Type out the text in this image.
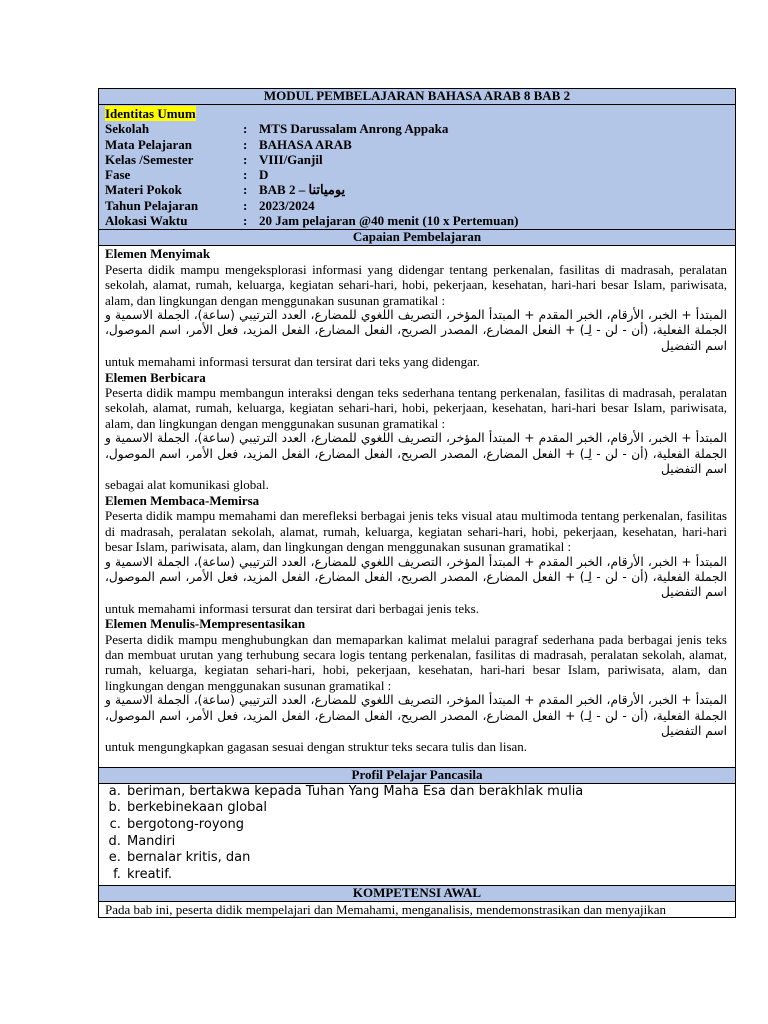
MODUL PEMBELAJARAN BAHASA ARAB 8 BAB 2
Identitas Umum
Sekolah	: MTS Darussalam Anrong Appaka
Mata Pelajaran	: BAHASA ARAB
Kelas /Semester	: VIII/Ganjil
Fase	: D
Materi Pokok	: BAB 2 – يومياتنا
Tahun Pelajaran	: 2023/2024
Alokasi Waktu	: 20 Jam pelajaran @40 menit (10 x Pertemuan)
Capaian Pembelajaran
Elemen Menyimak
Peserta didik mampu mengeksplorasi informasi yang didengar tentang perkenalan, fasilitas di madrasah, peralatan sekolah, alamat, rumah, keluarga, kegiatan sehari-hari, hobi, pekerjaan, kesehatan, hari-hari besar Islam, pariwisata, alam, dan lingkungan dengan menggunakan susunan gramatikal :
المبتدأ + الخبر، الأرقام، الخبر المقدم + المبتدأ المؤخر، التصريف اللغوي للمضارع، العدد الترتيبي (ساعة)، الجملة الاسمية و الجملة الفعلية، (أن - لن - لِـ) + الفعل المضارع، المصدر الصريح، الفعل المضارع، الفعل المزيد، فعل الأمر، اسم الموصول، اسم التفضيل
untuk memahami informasi tersurat dan tersirat dari teks yang didengar.
Elemen Berbicara
Peserta didik mampu membangun interaksi dengan teks sederhana tentang perkenalan, fasilitas di madrasah, peralatan sekolah, alamat, rumah, keluarga, kegiatan sehari-hari, hobi, pekerjaan, kesehatan, hari-hari besar Islam, pariwisata, alam, dan lingkungan dengan menggunakan susunan gramatikal :
المبتدأ + الخبر، الأرقام، الخبر المقدم + المبتدأ المؤخر، التصريف اللغوي للمضارع، العدد الترتيبي (ساعة)، الجملة الاسمية و الجملة الفعلية، (أن - لن - لِـ) + الفعل المضارع، المصدر الصريح، الفعل المضارع، الفعل المزيد، فعل الأمر، اسم الموصول، اسم التفضيل
sebagai alat komunikasi global.
Elemen Membaca-Memirsa
Peserta didik mampu memahami dan merefleksi berbagai jenis teks visual atau multimoda tentang perkenalan, fasilitas di madrasah, peralatan sekolah, alamat, rumah, keluarga, kegiatan sehari-hari, hobi, pekerjaan, kesehatan, hari-hari besar Islam, pariwisata, alam, dan lingkungan dengan menggunakan susunan gramatikal :
المبتدأ + الخبر، الأرقام، الخبر المقدم + المبتدأ المؤخر، التصريف اللغوي للمضارع، العدد الترتيبي (ساعة)، الجملة الاسمية و الجملة الفعلية، (أن - لن - لِـ) + الفعل المضارع، المصدر الصريح، الفعل المضارع، الفعل المزيد، فعل الأمر، اسم الموصول، اسم التفضيل
untuk memahami informasi tersurat dan tersirat dari berbagai jenis teks.
Elemen Menulis-Mempresentasikan
Peserta didik mampu menghubungkan dan memaparkan kalimat melalui paragraf sederhana pada berbagai jenis teks dan membuat urutan yang terhubung secara logis tentang perkenalan, fasilitas di madrasah, peralatan sekolah, alamat, rumah, keluarga, kegiatan sehari-hari, hobi, pekerjaan, kesehatan, hari-hari besar Islam, pariwisata, alam, dan lingkungan dengan menggunakan susunan gramatikal :
المبتدأ + الخبر، الأرقام، الخبر المقدم + المبتدأ المؤخر، التصريف اللغوي للمضارع، العدد الترتيبي (ساعة)، الجملة الاسمية و الجملة الفعلية، (أن - لن - لِـ) + الفعل المضارع، المصدر الصريح، الفعل المضارع، الفعل المزيد، فعل الأمر، اسم الموصول، اسم التفضيل
untuk mengungkapkan gagasan sesuai dengan struktur teks secara tulis dan lisan.
Profil Pelajar Pancasila
a. beriman, bertakwa kepada Tuhan Yang Maha Esa dan berakhlak mulia
b. berkebinekaan global
c. bergotong-royong
d. Mandiri
e. bernalar kritis, dan
f. kreatif.
KOMPETENSI AWAL
Pada bab ini, peserta didik mempelajari dan Memahami, menganalisis, mendemonstrasikan dan menyajikan
